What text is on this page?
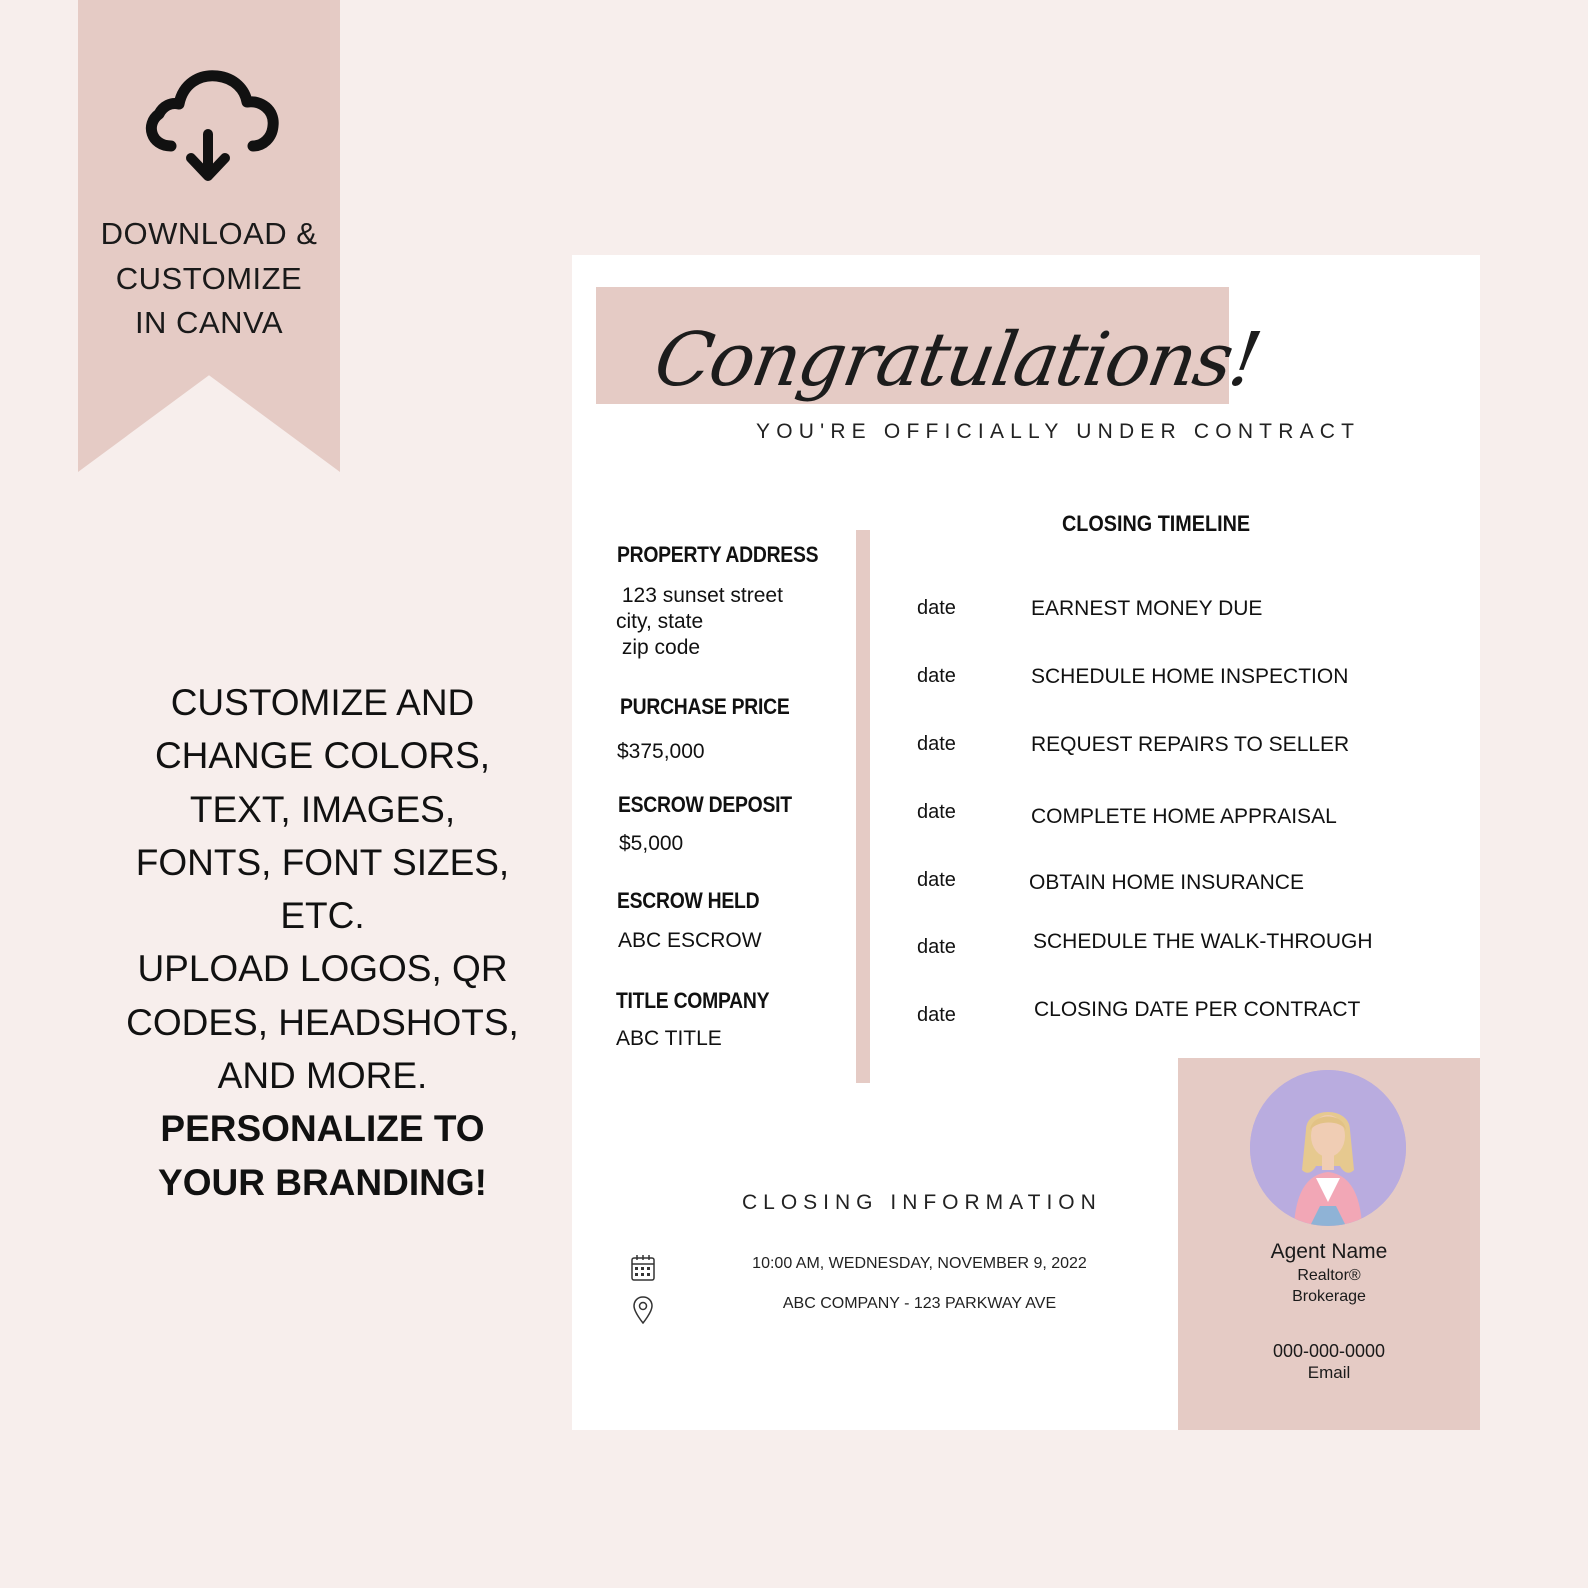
DOWNLOAD &
CUSTOMIZE
IN CANVA
CUSTOMIZE AND
CHANGE COLORS,
TEXT, IMAGES,
FONTS, FONT SIZES,
ETC.
UPLOAD LOGOS, QR
CODES, HEADSHOTS,
AND MORE.
PERSONALIZE TO
YOUR BRANDING!
Congratulations!
YOU'RE OFFICIALLY UNDER CONTRACT
PROPERTY ADDRESS
123 sunset street
city, state
zip code
PURCHASE PRICE
$375,000
ESCROW DEPOSIT
$5,000
ESCROW HELD
ABC ESCROW
TITLE COMPANY
ABC TITLE
CLOSING TIMELINE
date	EARNEST MONEY DUE
date	SCHEDULE HOME INSPECTION
date	REQUEST REPAIRS TO SELLER
date	COMPLETE HOME APPRAISAL
date	OBTAIN HOME INSURANCE
date	SCHEDULE THE WALK-THROUGH
date	CLOSING DATE PER CONTRACT
CLOSING INFORMATION
10:00 AM, WEDNESDAY, NOVEMBER 9, 2022
ABC COMPANY - 123 PARKWAY AVE
Agent Name
Realtor®
Brokerage
000-000-0000
Email
